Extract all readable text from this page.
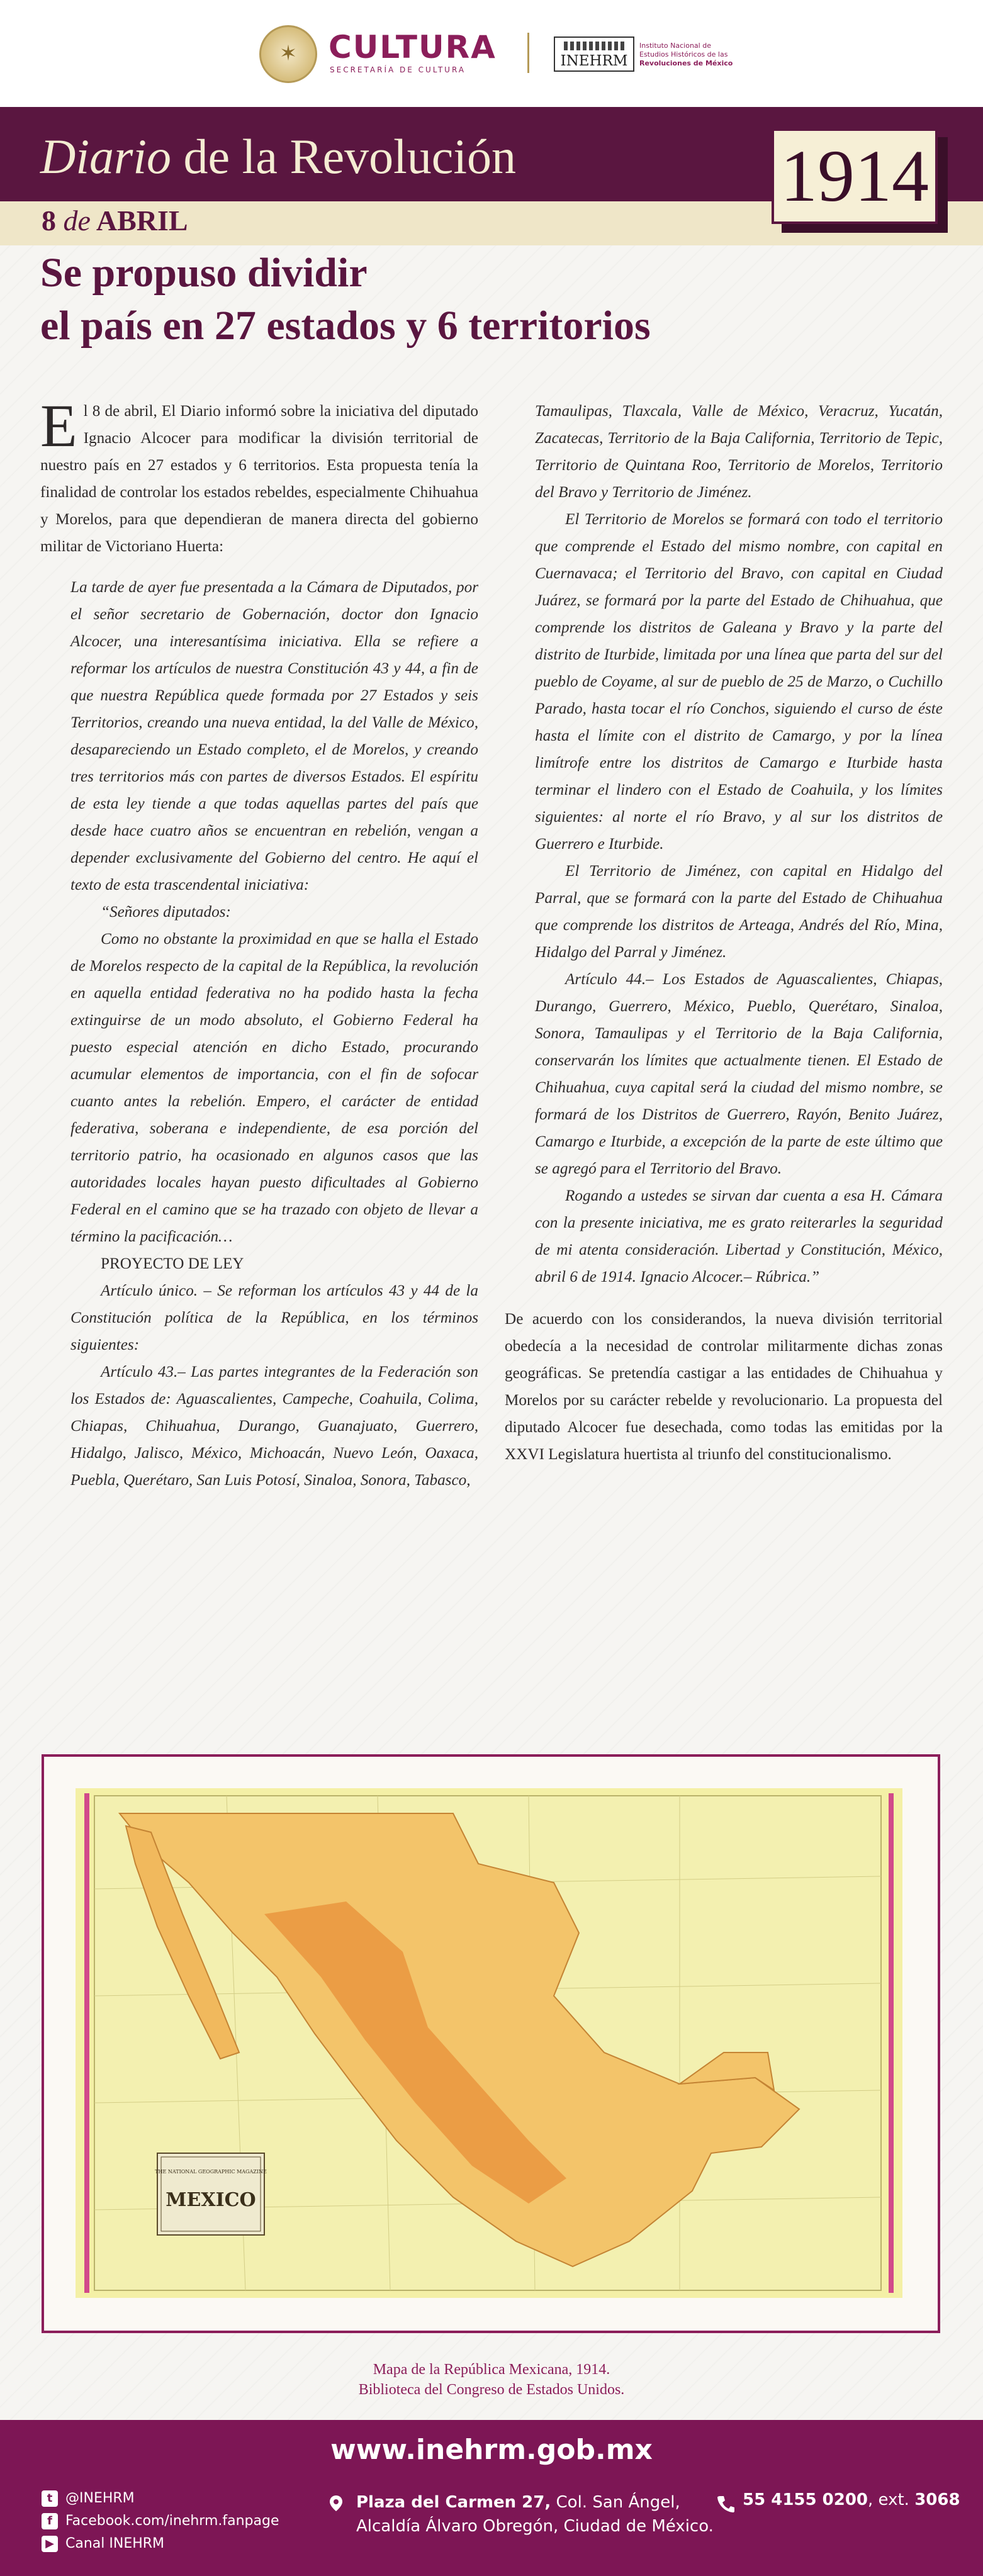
✶ CULTURA
SECRETARÍA DE CULTURA
INEHRM
Instituto Nacional de
Estudios Históricos de las
Revoluciones de México
Diario de la Revolución
8 de ABRIL
1914
Se propuso dividir
el país en 27 estados y 6 territorios

El 8 de abril, El Diario informó sobre la iniciativa del diputado Ignacio Alcocer para modificar la división territorial de nuestro país en 27 estados y 6 territorios. Esta propuesta tenía la finalidad de controlar los estados rebeldes, especialmente Chihuahua y Morelos, para que dependieran de manera directa del gobierno militar de Victoriano Huerta:

La tarde de ayer fue presentada a la Cámara de Diputados, por el señor secretario de Gobernación, doctor don Ignacio Alcocer, una interesantísima iniciativa. Ella se refiere a reformar los artículos de nuestra Constitución 43 y 44, a fin de que nuestra República quede formada por 27 Estados y seis Territorios, creando una nueva entidad, la del Valle de México, desapareciendo un Estado completo, el de Morelos, y creando tres territorios más con partes de diversos Estados. El espíritu de esta ley tiende a que todas aquellas partes del país que desde hace cuatro años se encuentran en rebelión, vengan a depender exclusivamente del Gobierno del centro. He aquí el texto de esta trascendental iniciativa:

“Señores diputados:

Como no obstante la proximidad en que se halla el Estado de Morelos respecto de la capital de la República, la revolución en aquella entidad federativa no ha podido hasta la fecha extinguirse de un modo absoluto, el Gobierno Federal ha puesto especial atención en dicho Estado, procurando acumular elementos de importancia, con el fin de sofocar cuanto antes la rebelión. Empero, el carácter de entidad federativa, soberana e independiente, de esa porción del territorio patrio, ha ocasionado en algunos casos que las autoridades locales hayan puesto dificultades al Gobierno Federal en el camino que se ha trazado con objeto de llevar a término la pacificación…

PROYECTO DE LEY

Artículo único. – Se reforman los artículos 43 y 44 de la Constitución política de la República, en los términos siguientes:

Artículo 43.– Las partes integrantes de la Federación son los Estados de: Aguascalientes, Campeche, Coahuila, Colima, Chiapas, Chihuahua, Durango, Guanajuato, Guerrero, Hidalgo, Jalisco, México, Michoacán, Nuevo León, Oaxaca, Puebla, Querétaro, San Luis Potosí, Sinaloa, Sonora, Tabasco,

Tamaulipas, Tlaxcala, Valle de México, Veracruz, Yucatán, Zacatecas, Territorio de la Baja California, Territorio de Tepic, Territorio de Quintana Roo, Territorio de Morelos, Territorio del Bravo y Territorio de Jiménez.

El Territorio de Morelos se formará con todo el territorio que comprende el Estado del mismo nombre, con capital en Cuernavaca; el Territorio del Bravo, con capital en Ciudad Juárez, se formará por la parte del Estado de Chihuahua, que comprende los distritos de Galeana y Bravo y la parte del distrito de Iturbide, limitada por una línea que parta del sur del pueblo de Coyame, al sur de pueblo de 25 de Marzo, o Cuchillo Parado, hasta tocar el río Conchos, siguiendo el curso de éste hasta el límite con el distrito de Camargo, y por la línea limítrofe entre los distritos de Camargo e Iturbide hasta terminar el lindero con el Estado de Coahuila, y los límites siguientes: al norte el río Bravo, y al sur los distritos de Guerrero e Iturbide.

El Territorio de Jiménez, con capital en Hidalgo del Parral, que se formará con la parte del Estado de Chihuahua que comprende los distritos de Arteaga, Andrés del Río, Mina, Hidalgo del Parral y Jiménez.

Artículo 44.– Los Estados de Aguascalientes, Chiapas, Durango, Guerrero, México, Pueblo, Querétaro, Sinaloa, Sonora, Tamaulipas y el Territorio de la Baja California, conservarán los límites que actualmente tienen. El Estado de Chihuahua, cuya capital será la ciudad del mismo nombre, se formará de los Distritos de Guerrero, Rayón, Benito Juárez, Camargo e Iturbide, a excepción de la parte de este último que se agregó para el Territorio del Bravo.

Rogando a ustedes se sirvan dar cuenta a esa H. Cámara con la presente iniciativa, me es grato reiterarles la seguridad de mi atenta consideración. Libertad y Constitución, México, abril 6 de 1914. Ignacio Alcocer.– Rúbrica.”

De acuerdo con los considerandos, la nueva división territorial obedecía a la necesidad de controlar militarmente dichas zonas geográficas. Se pretendía castigar a las entidades de Chihuahua y Morelos por su carácter rebelde y revolucionario. La propuesta del diputado Alcocer fue desechada, como todas las emitidas por la XXVI Legislatura huertista al triunfo del constitucionalismo.

THE NATIONAL GEOGRAPHIC MAGAZINE
MEXICO
Mapa de la República Mexicana, 1914.
Biblioteca del Congreso de Estados Unidos.
www.inehrm.gob.mx
t @INEHRM
f Facebook.com/inehrm.fanpage
▶ Canal INEHRM
Plaza del Carmen 27, Col. San Ángel,
Alcaldía Álvaro Obregón, Ciudad de México.
55 4155 0200, ext. 3068
